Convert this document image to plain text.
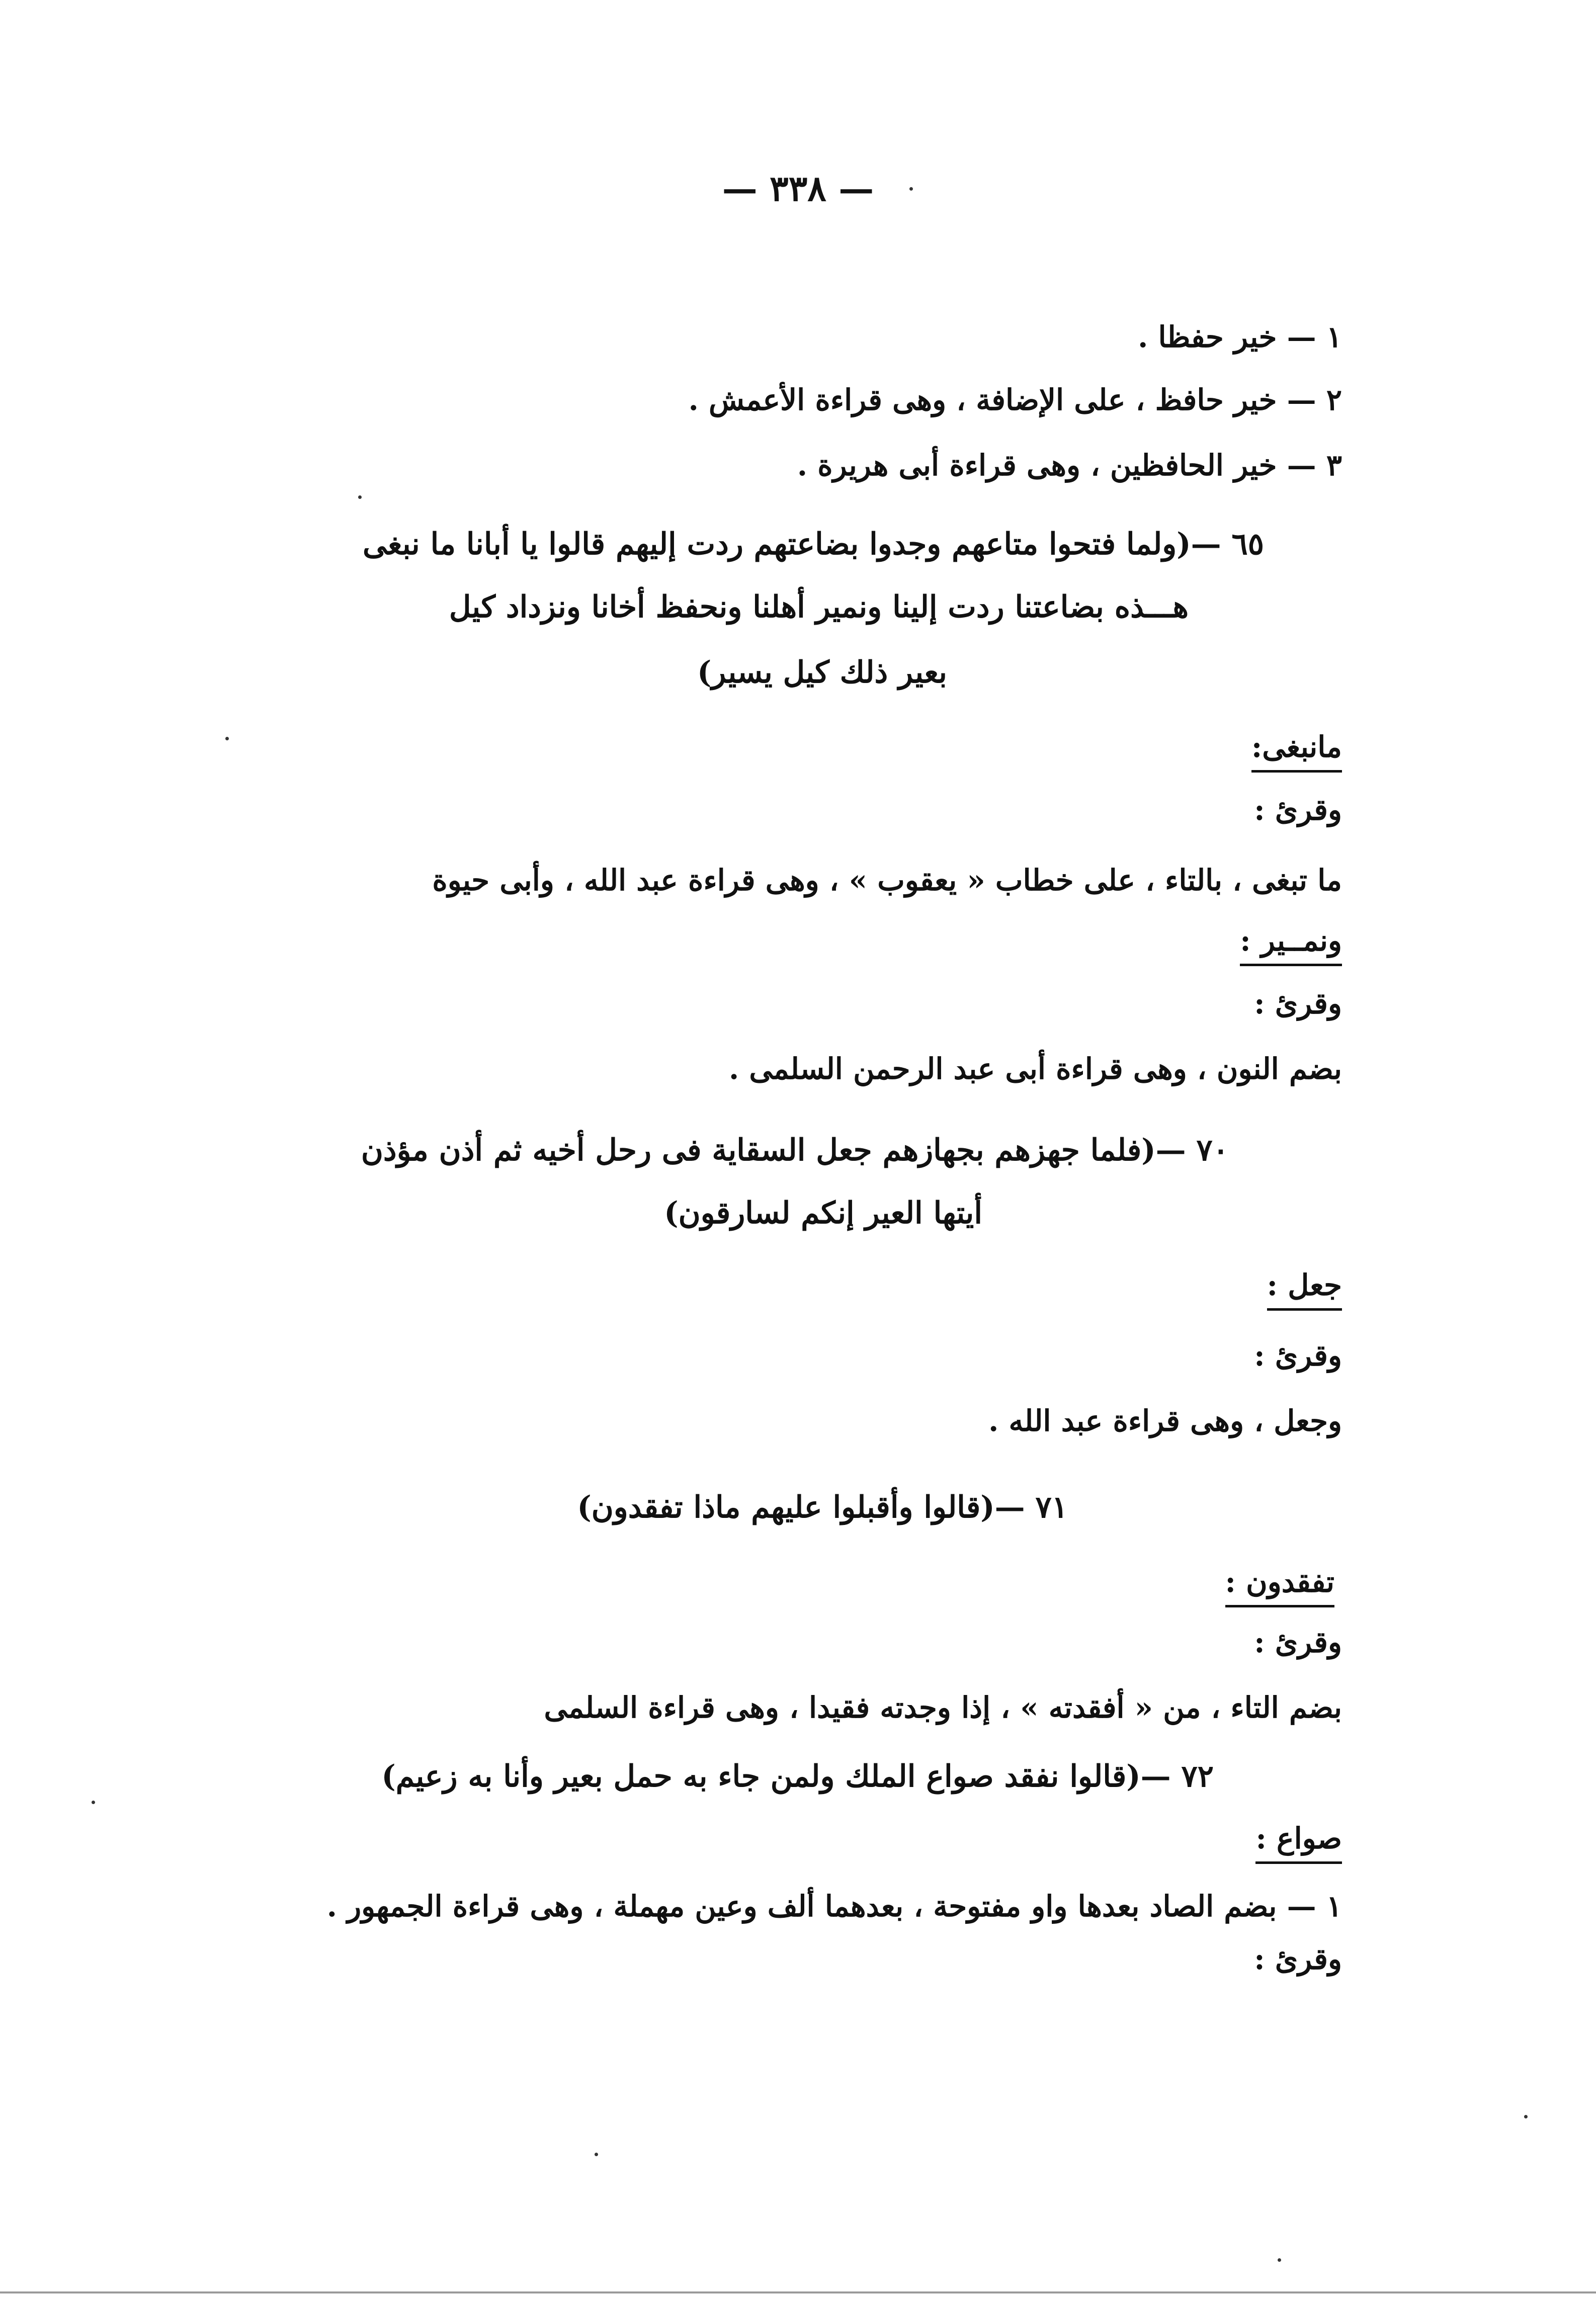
— ٣٣٨ —
١ — خير حفظا .
٢ — خير حافظ ، على الإضافة ، وهى قراءة الأعمش .
٣ — خير الحافظين ، وهى قراءة أبى هريرة .
٦٥ —(ولما فتحوا متاعهم وجدوا بضاعتهم ردت إليهم قالوا يا أبانا ما نبغى
هـــذه بضاعتنا ردت إلينا ونمير أهلنا ونحفظ أخانا ونزداد كيل
بعير ذلك كيل يسير)
مانبغى:
وقرئ :
ما تبغى ، بالتاء ، على خطاب « يعقوب » ، وهى قراءة عبد الله ، وأبى حيوة
ونمــير :
وقرئ :
بضم النون ، وهى قراءة أبى عبد الرحمن السلمى .
٧٠ —(فلما جهزهم بجهازهم جعل السقاية فى رحل أخيه ثم أذن مؤذن
أيتها العير إنكم لسارقون)
جعل :
وقرئ :
وجعل ، وهى قراءة عبد الله .
٧١ —(قالوا وأقبلوا عليهم ماذا تفقدون)
تفقدون :
وقرئ :
بضم التاء ، من « أفقدته » ، إذا وجدته فقيدا ، وهى قراءة السلمى
٧٢ —(قالوا نفقد صواع الملك ولمن جاء به حمل بعير وأنا به زعيم)
صواع :
١ — بضم الصاد بعدها واو مفتوحة ، بعدهما ألف وعين مهملة ، وهى قراءة الجمهور .
وقرئ :
